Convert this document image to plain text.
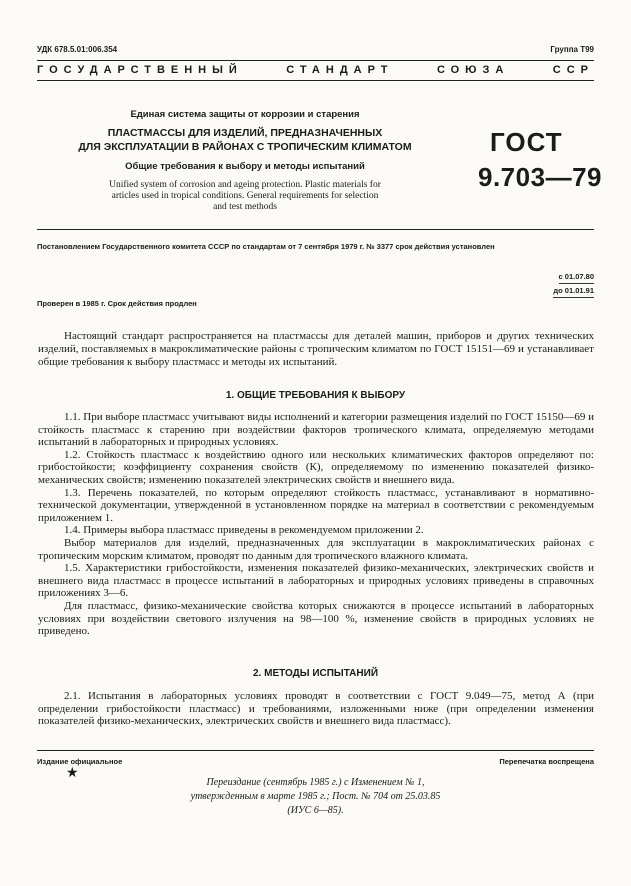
УДК 678.5.01:006.354	Группа Т99
ГОСУДАРСТВЕННЫЙ	СТАНДАРТ	СОЮЗА	ССР
Единая система защиты от коррозии и старения
ПЛАСТМАССЫ ДЛЯ ИЗДЕЛИЙ, ПРЕДНАЗНАЧЕННЫХ
ДЛЯ ЭКСПЛУАТАЦИИ В РАЙОНАХ С ТРОПИЧЕСКИМ КЛИМАТОМ
Общие требования к выбору и методы испытаний
Unified system of corrosion and ageing protection. Plastic materials for
articles used in tropical conditions. General requirements for selection
and test methods
ГОСТ
9.703—79
Постановлением Государственного комитета СССР по стандартам от 7 сентября 1979 г. № 3377 срок действия установлен
с 01.07.80
до 01.01.91
Проверен в 1985 г. Срок действия продлен
Настоящий стандарт распространяется на пластмассы для деталей машин, приборов и других технических изделий, поставляемых в макроклиматические районы с тропическим климатом по ГОСТ 15151—69 и устанавливает общие требования к выбору пластмасс и методы их испытаний.
1. ОБЩИЕ ТРЕБОВАНИЯ К ВЫБОРУ

1.1. При выборе пластмасс учитывают виды исполнений и категории размещения изделий по ГОСТ 15150—69 и стойкость пластмасс к старению при воздействии факторов тропического климата, определяемую методами испытаний в лабораторных и природных условиях.

1.2. Стойкость пластмасс к воздействию одного или нескольких климатических факторов определяют по: грибостойкости; коэффициенту сохранения свойств (К), определяемому по изменению показателей физико-механических свойств; изменению показателей электрических свойств и внешнего вида.

1.3. Перечень показателей, по которым определяют стойкость пластмасс, устанавливают в нормативно-технической документации, утвержденной в установленном порядке на материал в соответствии с рекомендуемым приложением 1.

1.4. Примеры выбора пластмасс приведены в рекомендуемом приложении 2.

Выбор материалов для изделий, предназначенных для эксплуатации в макроклиматических районах с тропическим морским климатом, проводят по данным для тропического влажного климата.

1.5. Характеристики грибостойкости, изменения показателей физико-механических, электрических свойств и внешнего вида пластмасс в процессе испытаний в лабораторных и природных условиях приведены в справочных приложениях 3—6.

Для пластмасс, физико-механические свойства которых снижаются в процессе испытаний в лабораторных условиях при воздействии светового излучения на 98—100 %, изменение свойств в природных условиях не приведено.

2. МЕТОДЫ ИСПЫТАНИЙ

2.1. Испытания в лабораторных условиях проводят в соответствии с ГОСТ 9.049—75, метод А (при определении грибостойкости пластмасс) и требованиями, изложенными ниже (при определении изменения показателей физико-механических, электрических свойств и внешнего вида пластмасс).

Издание официальное	Перепечатка воспрещена
★
Переиздание (сентябрь 1985 г.) с Изменением № 1,
утвержденным в марте 1985 г.; Пост. № 704 от 25.03.85
(ИУС 6—85).
